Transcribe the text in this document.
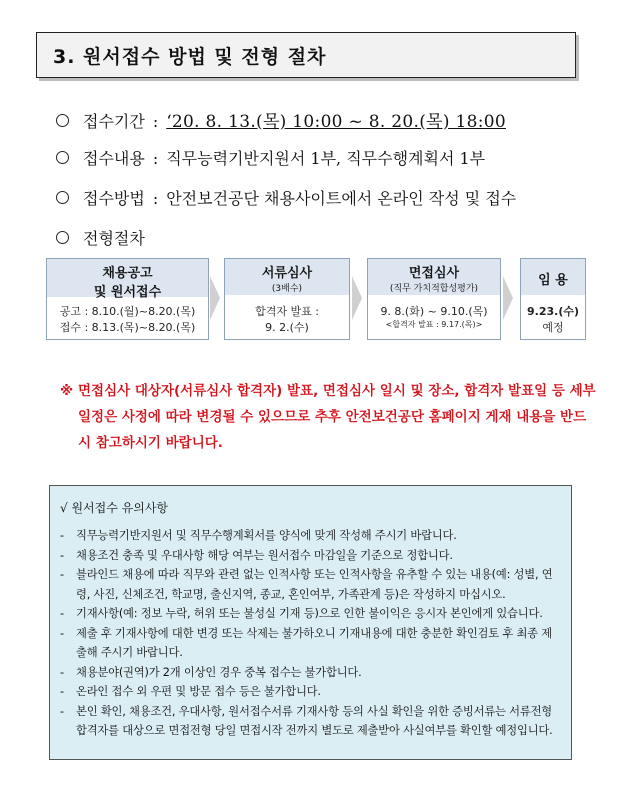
3. 원서접수 방법 및 전형 절차
접수기간 : ‘20. 8. 13.(목) 10:00 ~ 8. 20.(목) 18:00
접수내용 : 직무능력기반지원서 1부, 직무수행계획서 1부
접수방법 : 안전보건공단 채용사이트에서 온라인 작성 및 접수
전형절차
채용공고
및 원서접수
공고 : 8.10.(월)~8.20.(목)
접수 : 8.13.(목)~8.20.(목)
서류심사
(3배수)
합격자 발표 :
9. 2.(수)
면접심사
(직무 가치적합성평가)
9. 8.(화) ~ 9.10.(목)
<합격자 발표 : 9.17.(목)>
임 용
9.23.(수)
예정
※ 면접심사 대상자(서류심사 합격자) 발표, 면접심사 일시 및 장소, 합격자 발표일 등 세부 일정은 사정에 따라 변경될 수 있으므로 추후 안전보건공단 홈페이지 게재 내용을 반드시 참고하시기 바랍니다.
√ 원서접수 유의사항
- 직무능력기반지원서 및 직무수행계획서를 양식에 맞게 작성해 주시기 바랍니다.
- 채용조건 충족 및 우대사항 해당 여부는 원서접수 마감일을 기준으로 정합니다.
- 블라인드 채용에 따라 직무와 관련 없는 인적사항 또는 인적사항을 유추할 수 있는 내용(예: 성별, 연령, 사진, 신체조건, 학교명, 출신지역, 종교, 혼인여부, 가족관계 등)은 작성하지 마십시오.
- 기재사항(예: 정보 누락, 허위 또는 불성실 기재 등)으로 인한 불이익은 응시자 본인에게 있습니다.
- 제출 후 기재사항에 대한 변경 또는 삭제는 불가하오니 기재내용에 대한 충분한 확인검토 후 최종 제출해 주시기 바랍니다.
- 채용분야(권역)가 2개 이상인 경우 중복 접수는 불가합니다.
- 온라인 접수 외 우편 및 방문 접수 등은 불가합니다.
- 본인 확인, 채용조건, 우대사항, 원서접수서류 기재사항 등의 사실 확인을 위한 증빙서류는 서류전형 합격자를 대상으로 면접전형 당일 면접시작 전까지 별도로 제출받아 사실여부를 확인할 예정입니다.
